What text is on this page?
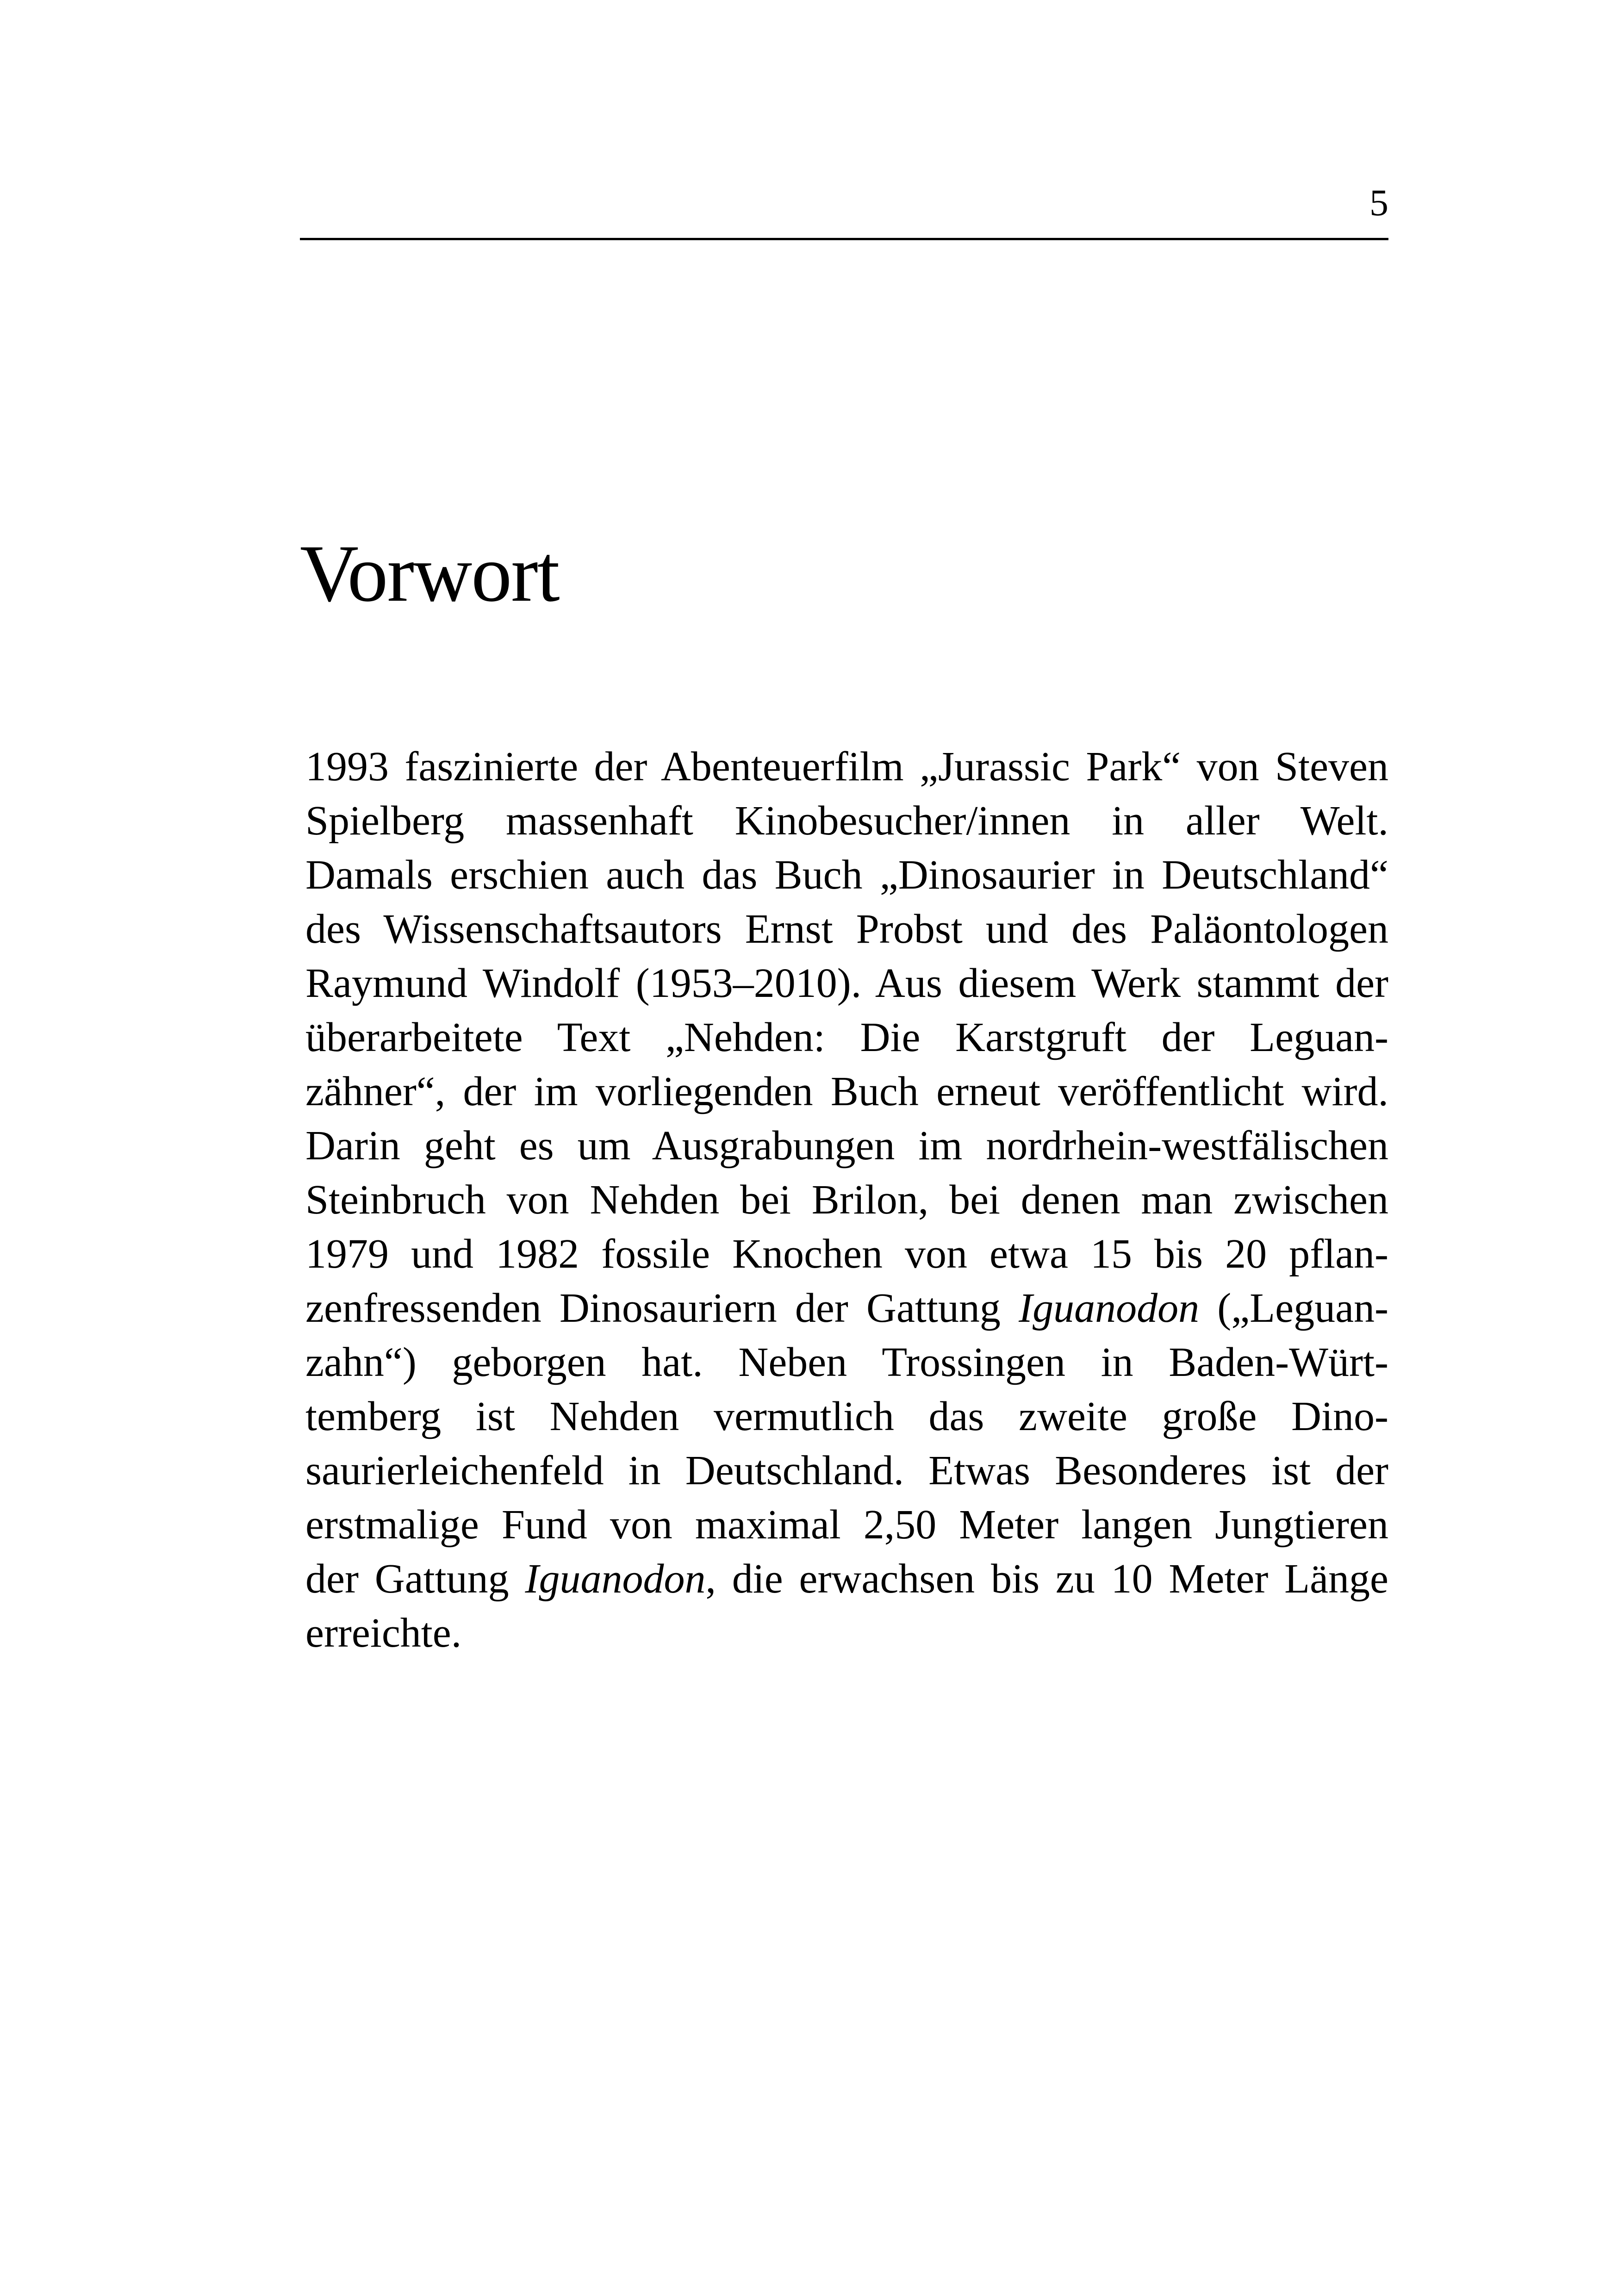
5
Vorwort
1993 faszinierte der Abenteuerfilm „Jurassic Park“ von Steven
Spielberg massenhaft Kinobesucher/innen in aller Welt.
Damals erschien auch das Buch „Dinosaurier in Deutschland“
des Wissenschaftsautors Ernst Probst und des Paläontologen
Raymund Windolf (1953–2010). Aus diesem Werk stammt der
überarbeitete Text „Nehden: Die Karstgruft der Leguan-
zähner“, der im vorliegenden Buch erneut veröffentlicht wird.
Darin geht es um Ausgrabungen im nordrhein-westfälischen
Steinbruch von Nehden bei Brilon, bei denen man zwischen
1979 und 1982 fossile Knochen von etwa 15 bis 20 pflan-
zenfressenden Dinosauriern der Gattung Iguanodon („Leguan-
zahn“) geborgen hat. Neben Trossingen in Baden-Würt-
temberg ist Nehden vermutlich das zweite große Dino-
saurierleichenfeld in Deutschland. Etwas Besonderes ist der
erstmalige Fund von maximal 2,50 Meter langen Jungtieren
der Gattung Iguanodon, die erwachsen bis zu 10 Meter Länge
erreichte.
